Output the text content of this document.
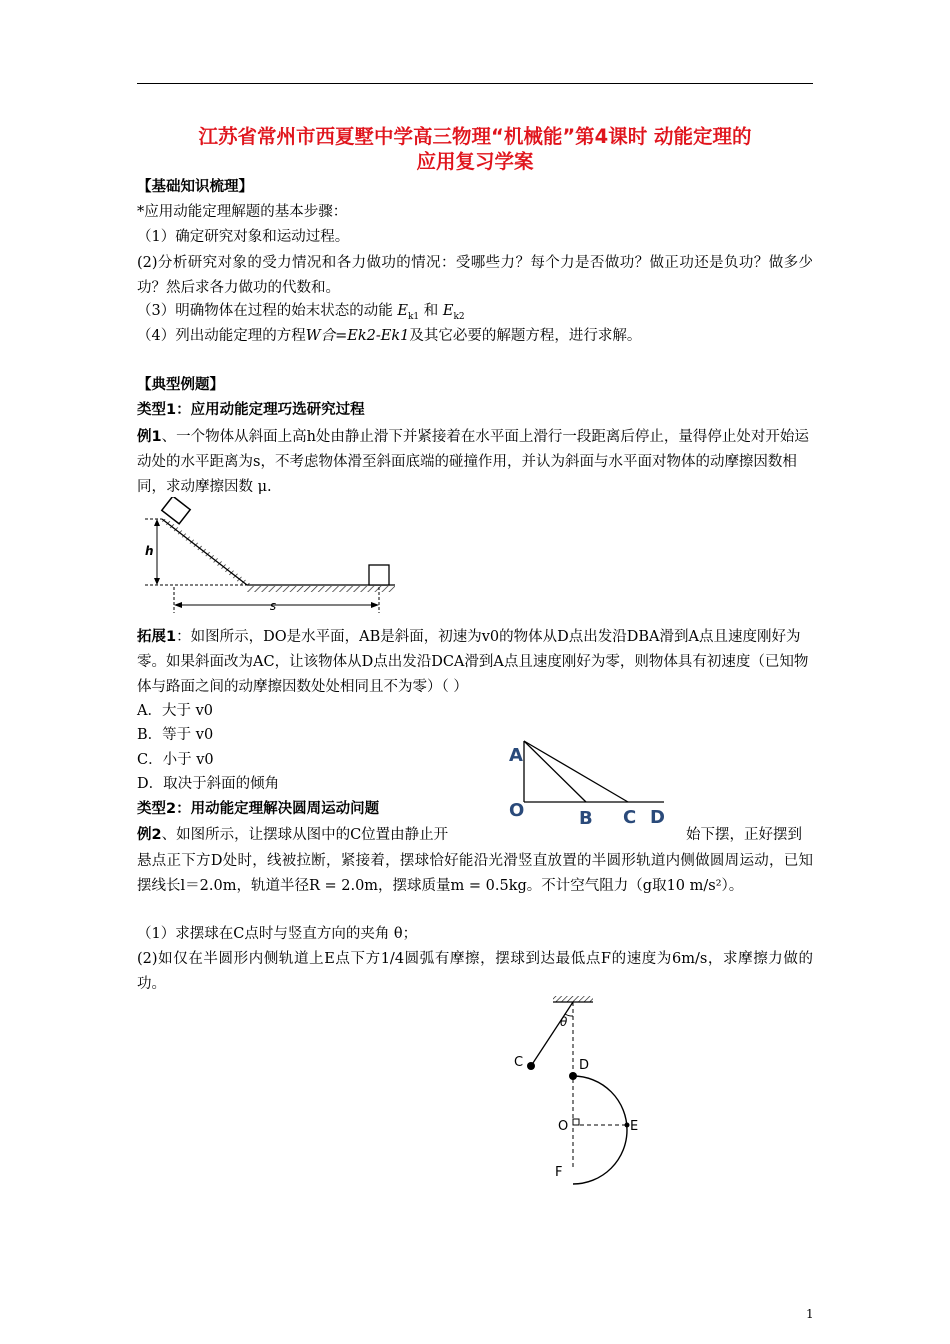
江苏省常州市西夏墅中学高三物理“机械能”第4课时 动能定理的
应用复习学案
【基础知识梳理】
*应用动能定理解题的基本步骤：
（1）确定研究对象和运动过程。
(2)分析研究对象的受力情况和各力做功的情况：受哪些力？每个力是否做功？做正功还是负功？做多少功？然后求各力做功的代数和。
（3）明确物体在过程的始末状态的动能 $E_{k1}$ 和 $E_{k2}$
（4）列出动能定理的方程W合=Ek2-Ek1及其它必要的解题方程，进行求解。
【典型例题】
类型1：应用动能定理巧选研究过程
例1、一个物体从斜面上高h处由静止滑下并紧接着在水平面上滑行一段距离后停止，量得停止处对开始运动处的水平距离为s，不考虑物体滑至斜面底端的碰撞作用，并认为斜面与水平面对物体的动摩擦因数相同，求动摩擦因数 μ.
h
s
拓展1：如图所示，DO是水平面，AB是斜面，初速为v0的物体从D点出发沿DBA滑到A点且速度刚好为零。如果斜面改为AC，让该物体从D点出发沿DCA滑到A点且速度刚好为零，则物体具有初速度（已知物体与路面之间的动摩擦因数处处相同且不为零）（ ）
A．大于 v0
B．等于 v0
C．小于 v0
D．取决于斜面的倾角
A
O	B C D
类型2：用动能定理解决圆周运动问题
例2、如图所示，让摆球从图中的C位置由静止开	始下摆，正好摆到
悬点正下方D处时，线被拉断，紧接着，摆球恰好能沿光滑竖直放置的半圆形轨道内侧做圆周运动，已知摆线长l＝2.0m，轨道半径R = 2.0m，摆球质量m = 0.5kg。不计空气阻力（g取10 m/s²）。
（1）求摆球在C点时与竖直方向的夹角 θ；
(2)如仅在半圆形内侧轨道上E点下方1/4圆弧有摩擦，摆球到达最低点F的速度为6m/s，求摩擦力做的功。
θ
C	D
O	E
F
1
